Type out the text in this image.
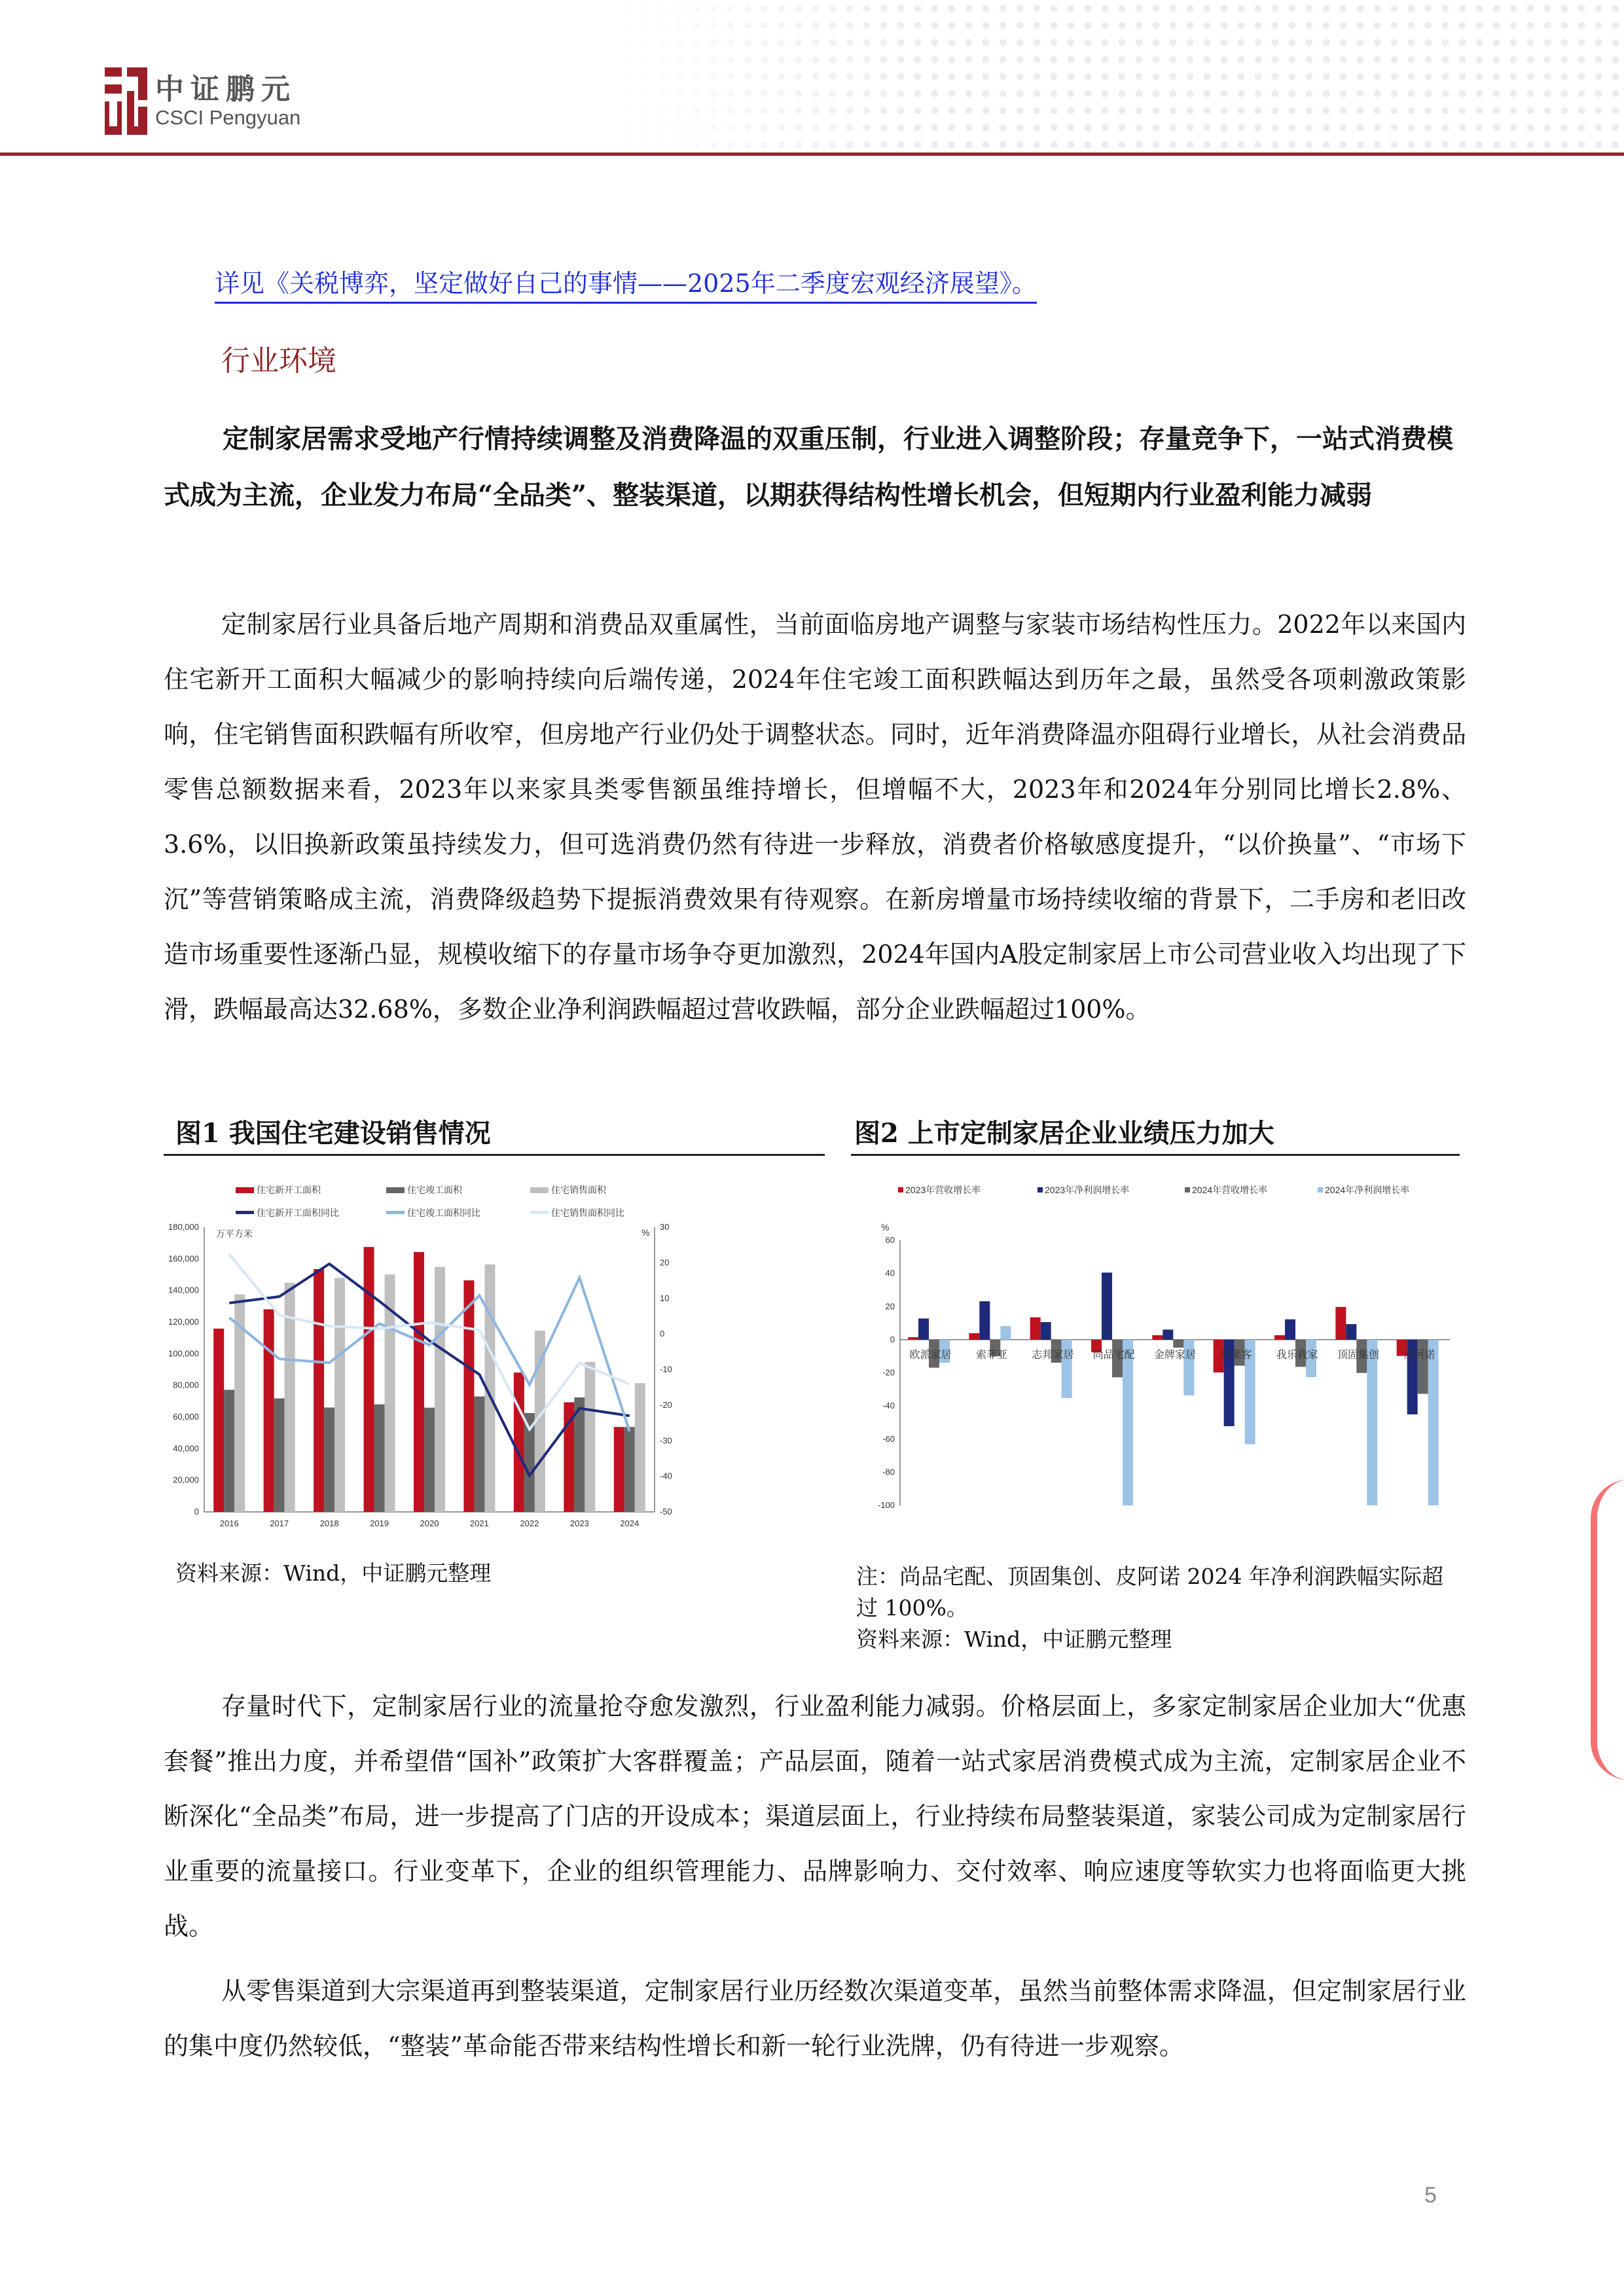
中证鹏元
CSCI Pengyuan
详见《关税博弈，坚定做好自己的事情——2025年二季度宏观经济展望》。
行业环境
定制家居需求受地产行情持续调整及消费降温的双重压制，行业进入调整阶段；存量竞争下，一站式消费模式成为主流，企业发力布局“全品类”、整装渠道，以期获得结构性增长机会，但短期内行业盈利能力减弱
定制家居行业具备后地产周期和消费品双重属性，当前面临房地产调整与家装市场结构性压力。2022年以来国内住宅新开工面积大幅减少的影响持续向后端传递，2024年住宅竣工面积跌幅达到历年之最，虽然受各项刺激政策影响，住宅销售面积跌幅有所收窄，但房地产行业仍处于调整状态。同时，近年消费降温亦阻碍行业增长，从社会消费品零售总额数据来看，2023年以来家具类零售额虽维持增长，但增幅不大，2023年和2024年分别同比增长2.8%、3.6%，以旧换新政策虽持续发力，但可选消费仍然有待进一步释放，消费者价格敏感度提升，“以价换量”、“市场下沉”等营销策略成主流，消费降级趋势下提振消费效果有待观察。在新房增量市场持续收缩的背景下，二手房和老旧改造市场重要性逐渐凸显，规模收缩下的存量市场争夺更加激烈，2024年国内A股定制家居上市公司营业收入均出现了下滑，跌幅最高达32.68%，多数企业净利润跌幅超过营收跌幅，部分企业跌幅超过100%。
图1 我国住宅建设销售情况
住宅新开工面积	住宅竣工面积	住宅销售面积
住宅新开工面积同比	住宅竣工面积同比	住宅销售面积同比
万平方米	%
0
20,000
40,000
60,000
80,000
100,000
120,000
140,000
160,000
180,000
-50
-40
-30
-20
-10
0
10
20
30
2016	2017	2018	2019	2020	2021	2022	2023	2024
资料来源：Wind，中证鹏元整理
图2 上市定制家居企业业绩压力加大
2023年营收增长率	2023年净利润增长率	2024年营收增长率	2024年净利润增长率
%
-100
-80
-60
-40
-20
0
20
40
60
欧派家居 索菲亚 志邦家居 尚品宅配 金牌家居 好莱客 我乐我家 顶固集创 皮阿诺
注：尚品宅配、顶固集创、皮阿诺 2024 年净利润跌幅实际超过 100%。
资料来源：Wind，中证鹏元整理
存量时代下，定制家居行业的流量抢夺愈发激烈，行业盈利能力减弱。价格层面上，多家定制家居企业加大“优惠套餐”推出力度，并希望借“国补”政策扩大客群覆盖；产品层面，随着一站式家居消费模式成为主流，定制家居企业不断深化“全品类”布局，进一步提高了门店的开设成本；渠道层面上，行业持续布局整装渠道，家装公司成为定制家居行业重要的流量接口。行业变革下，企业的组织管理能力、品牌影响力、交付效率、响应速度等软实力也将面临更大挑战。
从零售渠道到大宗渠道再到整装渠道，定制家居行业历经数次渠道变革，虽然当前整体需求降温，但定制家居行业的集中度仍然较低，“整装”革命能否带来结构性增长和新一轮行业洗牌，仍有待进一步观察。
5
